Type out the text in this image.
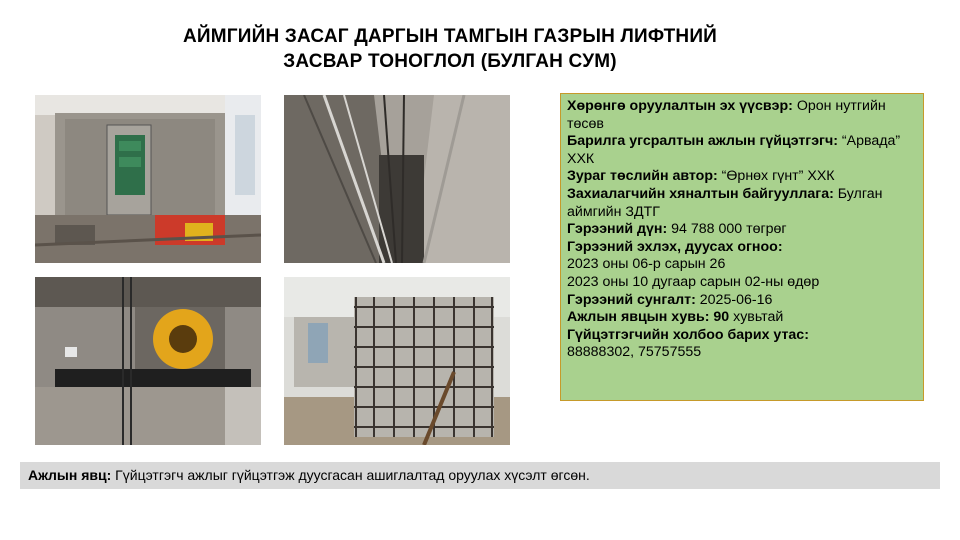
АЙМГИЙН ЗАСАГ ДАРГЫН ТАМГЫН ГАЗРЫН ЛИФТНИЙ
ЗАСВАР ТОНОГЛОЛ (БУЛГАН СУМ)

Хөрөнгө оруулалтын эх үүсвэр: Орон нутгийн төсөв

Барилга угсралтын ажлын гүйцэтгэгч: “Арвада” ХХК

Зураг төслийн автор: “Өрнөх гүнт” ХХК

Захиалагчийн хяналтын байгууллага: Булган аймгийн ЗДТГ

Гэрээний дүн: 94 788 000 төгрөг

Гэрээний эхлэх, дуусах огноо:

2023 оны 06-р сарын 26

2023 оны 10 дугаар сарын 02-ны өдөр

Гэрээний сунгалт: 2025-06-16

Ажлын явцын хувь: 90 хувьтай

Гүйцэтгэгчийн холбоо барих утас:

88888302, 75757555

Ажлын явц: Гүйцэтгэгч ажлыг гүйцэтгэж дуусгасан ашиглалтад оруулах хүсэлт өгсөн.
